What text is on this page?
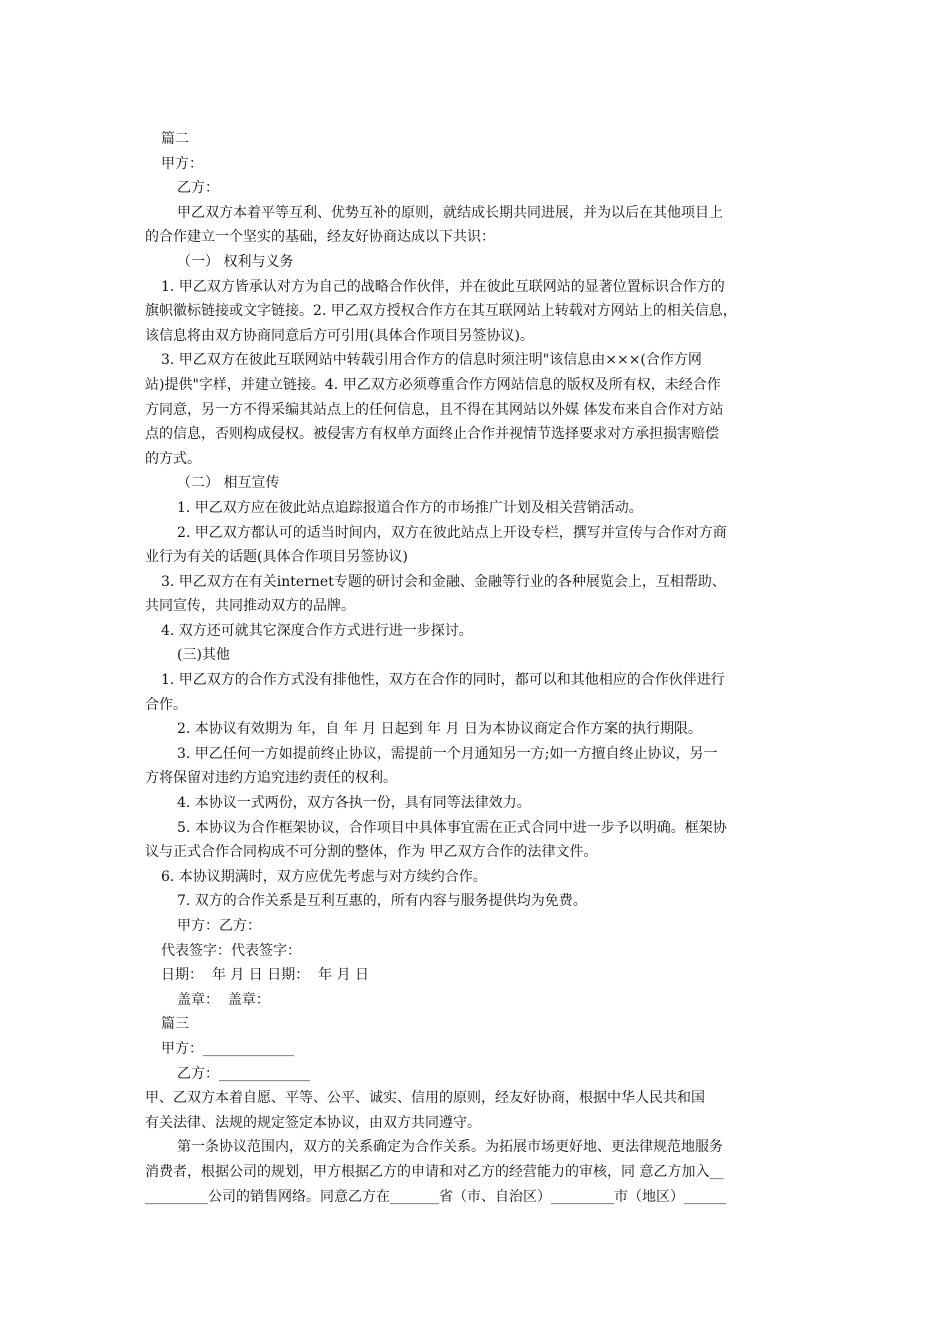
篇二
甲方：
乙方：
甲乙双方本着平等互利、优势互补的原则，就结成长期共同进展，并为以后在其他项目上
的合作建立一个坚实的基础，经友好协商达成以下共识：
（一） 权利与义务
1. 甲乙双方皆承认对方为自己的战略合作伙伴，并在彼此互联网站的显著位置标识合作方的
旗帜徽标链接或文字链接。2. 甲乙双方授权合作方在其互联网站上转载对方网站上的相关信息，
该信息将由双方协商同意后方可引用(具体合作项目另签协议)。
3. 甲乙双方在彼此互联网站中转载引用合作方的信息时须注明"该信息由×××(合作方网
站)提供"字样，并建立链接。4. 甲乙双方必须尊重合作方网站信息的版权及所有权，未经合作
方同意，另一方不得采编其站点上的任何信息，且不得在其网站以外媒 体发布来自合作对方站
点的信息，否则构成侵权。被侵害方有权单方面终止合作并视情节选择要求对方承担损害赔偿
的方式。
（二） 相互宣传
1. 甲乙双方应在彼此站点追踪报道合作方的市场推广计划及相关营销活动。
2. 甲乙双方都认可的适当时间内，双方在彼此站点上开设专栏，撰写并宣传与合作对方商
业行为有关的话题(具体合作项目另签协议)
3. 甲乙双方在有关internet专题的研讨会和金融、金融等行业的各种展览会上，互相帮助、
共同宣传，共同推动双方的品牌。
4. 双方还可就其它深度合作方式进行进一步探讨。
(三)其他
1. 甲乙双方的合作方式没有排他性，双方在合作的同时，都可以和其他相应的合作伙伴进行
合作。
2. 本协议有效期为 年，自 年 月 日起到 年 月 日为本协议商定合作方案的执行期限。
3. 甲乙任何一方如提前终止协议，需提前一个月通知另一方;如一方擅自终止协议，另一
方将保留对违约方追究违约责任的权利。
4. 本协议一式两份，双方各执一份，具有同等法律效力。
5. 本协议为合作框架协议，合作项目中具体事宜需在正式合同中进一步予以明确。框架协
议与正式合作合同构成不可分割的整体，作为 甲乙双方合作的法律文件。
6. 本协议期满时，双方应优先考虑与对方续约合作。
7. 双方的合作关系是互利互惠的，所有内容与服务提供均为免费。
甲方：乙方：
代表签字：代表签字：
日期：  年 月 日 日期：  年 月 日
盖章：  盖章：
篇三
甲方：_____________
乙方：_____________
甲、乙双方本着自愿、平等、公平、诚实、信用的原则，经友好协商，根据中华人民共和国
有关法律、法规的规定签定本协议，由双方共同遵守。
第一条协议范围内，双方的关系确定为合作关系。为拓展市场更好地、更法律规范地服务
消费者，根据公司的规划，甲方根据乙方的申请和对乙方的经营能力的审核，同 意乙方加入__
_________公司的销售网络。同意乙方在_______省（市、自治区）_________市（地区）______
